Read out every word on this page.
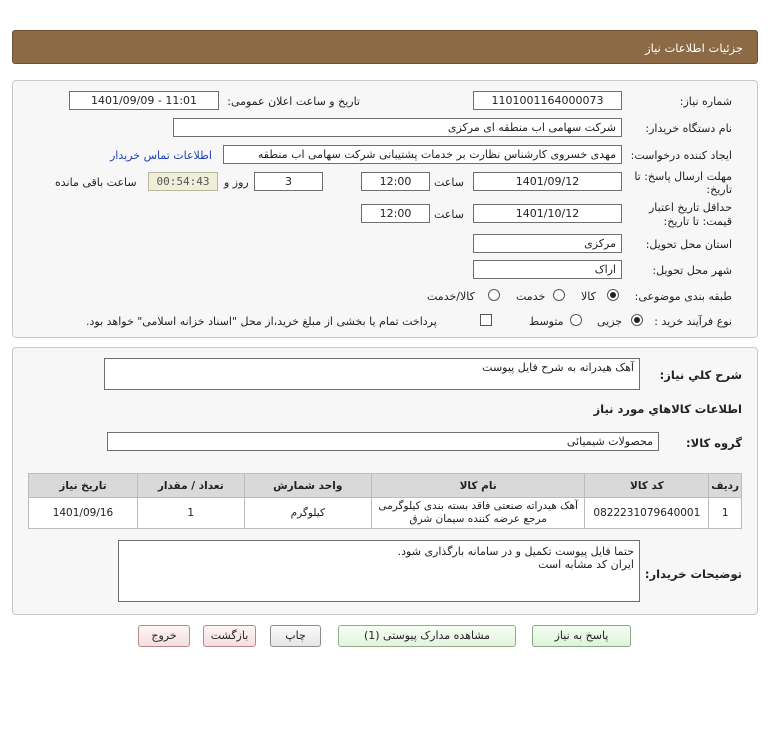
جزئیات اطلاعات نیاز
شماره نیاز:
1101001164000073
تاریخ و ساعت اعلان عمومی:
1401/09/09 - 11:01
نام دستگاه خریدار:
شرکت سهامی اب منطقه ای مرکزی
ایجاد کننده درخواست:
مهدی خسروی کارشناس نظارت بر خدمات پشتیبانی شرکت سهامی اب منطقه
اطلاعات تماس خریدار
مهلت ارسال پاسخ: تا
تاریخ:
1401/09/12
ساعت
12:00
3
روز و
00:54:43
ساعت باقی مانده
حداقل تاریخ اعتبار
قیمت: تا تاریخ:
1401/10/12
ساعت
12:00
استان محل تحویل:
مرکزی
شهر محل تحویل:
اراک
طبقه بندی موضوعی:
کالا
خدمت
کالا/خدمت
نوع فرآیند خرید :
جزیی
متوسط
پرداخت تمام یا بخشی از مبلغ خرید،از محل "اسناد خزانه اسلامی" خواهد بود.
شرح کلي نياز:
آهک هیدراته به شرح فایل پیوست
اطلاعات کالاهاي مورد نياز
گروه کالا:
محصولات شیمیائی
ردیف	کد کالا	نام کالا	واحد شمارش	تعداد / مقدار	تاریخ نیاز
1	0822231079640001	آهک هیدراته صنعتی فاقد بسته بندی کیلوگرمی مرجع عرضه کننده سیمان شرق	کیلوگرم	1	1401/09/16
توضیحات خریدار:
حتما فایل پیوست تکمیل و در سامانه بارگذاری شود.
ایران کد مشابه است
پاسخ به نیاز
مشاهده مدارک پیوستی (1)
چاپ
بازگشت
خروج
